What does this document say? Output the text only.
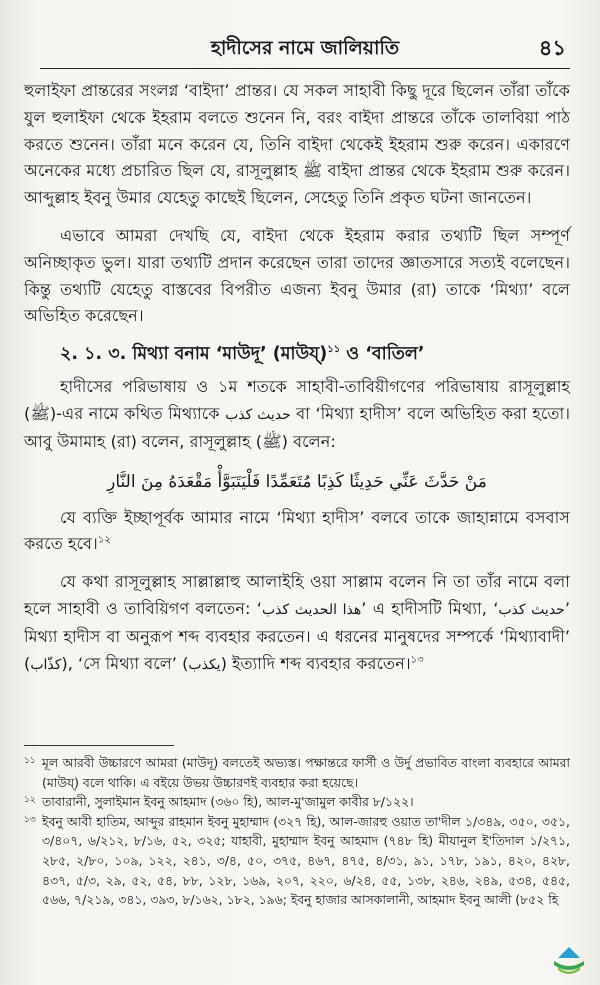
হাদীসের নামে জালিয়াতি	৪১

হুলাইফা প্রান্তরের সংলগ্ন ‘বাইদা’ প্রান্তর। যে সকল সাহাবী কিছু দূরে ছিলেন তাঁরা তাঁকে যুল হুলাইফা থেকে ইহরাম বলতে শুনেন নি, বরং বাইদা প্রান্তরে তাঁকে তালবিয়া পাঠ করতে শুনেন। তাঁরা মনে করেন যে, তিনি বাইদা থেকেই ইহরাম শুরু করেন। একারণে অনেকের মধ্যে প্রচারিত ছিল যে, রাসূলুল্লাহ ﷺ বাইদা প্রান্তর থেকে ইহরাম শুরু করেন। আব্দুল্লাহ ইবনু উমার যেহেতু কাছেই ছিলেন, সেহেতু তিনি প্রকৃত ঘটনা জানতেন।

এভাবে আমরা দেখছি যে, বাইদা থেকে ইহরাম করার তথ্যটি ছিল সম্পূর্ণ অনিচ্ছাকৃত ভুল। যারা তথ্যটি প্রদান করেছেন তারা তাদের জ্ঞাতসারে সত্যই বলেছেন। কিন্তু তথ্যটি যেহেতু বাস্তবের বিপরীত এজন্য ইবনু উমার (রা) তাকে ‘মিথ্যা’ বলে অভিহিত করেছেন।

২. ১. ৩. মিথ্যা বনাম ‘মাউদূ’ (মাউয্)$^{১১}$ ও ‘বাতিল’

হাদীসের পরিভাষায় ও ১ম শতকে সাহাবী-তাবিয়ীগণের পরিভাষায় রাসূলুল্লাহ (ﷺ)-এর নামে কথিত মিথ্যাকে حديث كذب বা ‘মিথ্যা হাদীস’ বলে অভিহিত করা হতো। আবু উমামাহ (রা) বলেন, রাসূলুল্লাহ (ﷺ) বলেন:

مَنْ حَدَّثَ عَنِّي حَدِيثًا كَذِبًا مُتَعَمِّدًا فَلْيَتَبَوَّأْ مَقْعَدَهُ مِنَ النَّارِ

যে ব্যক্তি ইচ্ছাপূর্বক আমার নামে ‘মিথ্যা হাদীস’ বলবে তাকে জাহান্নামে বসবাস করতে হবে।$^{১২}$

যে কথা রাসূলুল্লাহ সাল্লাল্লাহু আলাইহি ওয়া সাল্লাম বলেন নি তা তাঁর নামে বলা হলে সাহাবী ও তাবিয়িগণ বলতেন: ‘هذا الحديث كذب’ এ হাদীসটি মিথ্যা, ‘حديث كذب’ মিথ্যা হাদীস বা অনুরূপ শব্দ ব্যবহার করতেন। এ ধরনের মানুষদের সম্পর্কে ‘মিথ্যাবাদী’ (كذّاب), ‘সে মিথ্যা বলে’ (يكذب) ইত্যাদি শব্দ ব্যবহার করতেন।$^{১৩}$

১১ মূল আরবী উচ্চারণে আমরা (মাউদূ) বলতেই অভ্যস্ত। পক্ষান্তরে ফার্সী ও উর্দু প্রভাবিত বাংলা ব্যবহারে আমরা (মাউয্) বলে থাকি। এ বইয়ে উভয় উচ্চারণই ব্যবহার করা হয়েছে।
১২ তাবারানী, সুলাইমান ইবনু আহমাদ (৩৬০ হি), আল-মু'জামুল কাবীর ৮/১২২।
১৩ ইবনু আবী হাতিম, আব্দুর রাহমান ইবনু মুহাম্মাদ (৩২৭ হি), আল-জারহু ওয়াত তা'দীল ১/৩৪৯, ৩৫০, ৩৫১, ৩/৪০৭, ৬/২১২, ৮/১৬, ৫২, ৩২৫; যাহাবী, মুহাম্মাদ ইবনু আহমাদ (৭৪৮ হি) মীযানুল ই'তিদাল ১/২৭১, ২৮৫, ২/৮০, ১০৯, ১২২, ২৪১, ৩/৪, ৫০, ৩৭৫, ৪৬৭, ৪৭৫, ৪/৩১, ৯১, ১৭৮, ১৯১, ৪২০, ৪২৮, ৪৩৭, ৫/৩, ২৯, ৫২, ৫৪, ৮৮, ১২৮, ১৬৯, ২০৭, ২২০, ৬/২৪, ৫৫, ১৩৮, ২৪৬, ২৪৯, ৫৩৪, ৫৪৫, ৫৬৬, ৭/২১৯, ৩৪১, ৩৯৩, ৮/১৬২, ১৮২, ১৯৬; ইবনু হাজার আসকালানী, আহমাদ ইবনু আলী (৮৫২ হি
